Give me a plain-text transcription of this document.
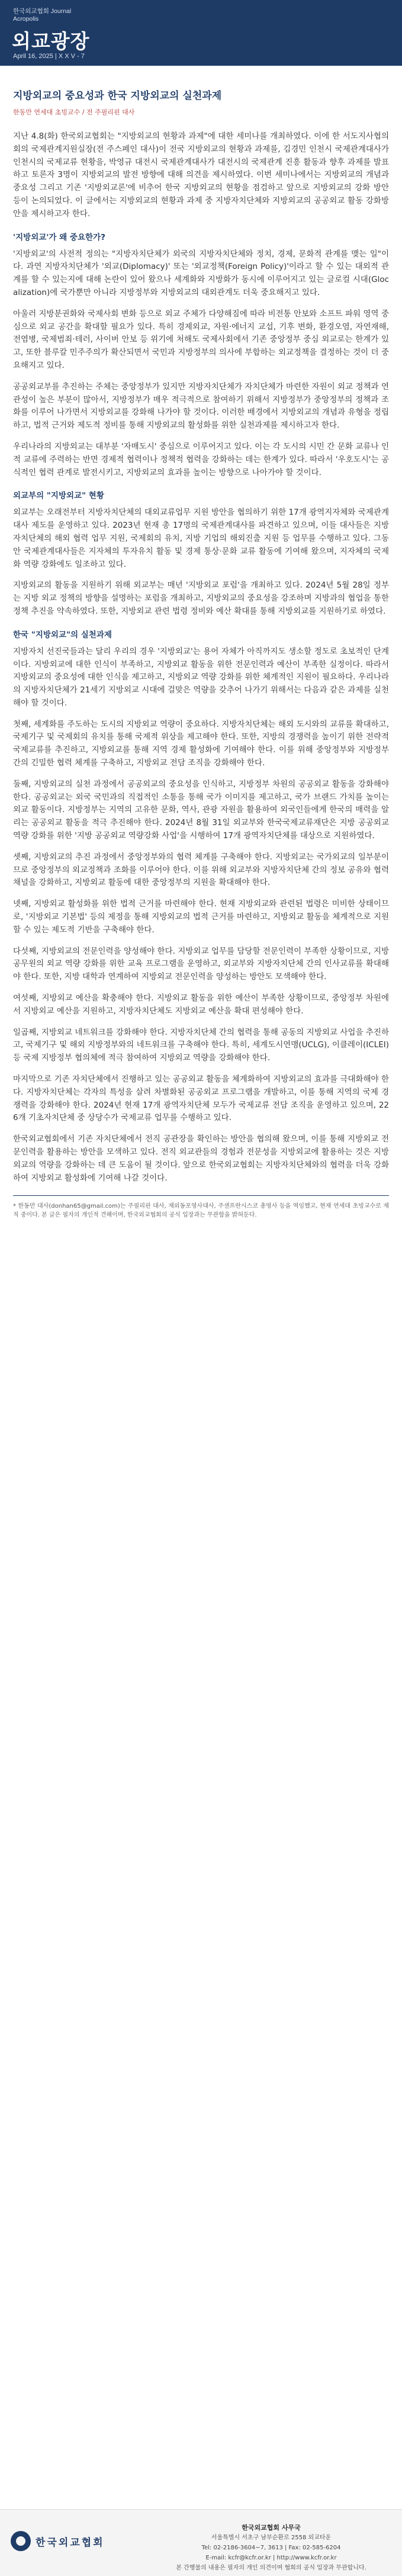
한국외교협회 Journal
Acropolis
외교광장
April 16, 2025 | X X V - 7
지방외교의 중요성과 한국 지방외교의 실천과제
한동만 연세대 초빙교수 / 전 주필리핀 대사

지난 4.8(화) 한국외교협회는 "지방외교의 현황과 과제"에 대한 세미나를 개최하였다. 이에 한 서도지사협의회의 국제관계지원실장(전 주스페인 대사)이 전국 지방외교의 현황과 과제를, 김경민 인천시 국제관계대사가 인천시의 국제교류 현황을, 박영규 대전시 국제관계대사가 대전시의 국제관계 진흥 활동과 향후 과제를 발표하고 토론자 3명이 지방외교의 발전 방향에 대해 의견을 제시하였다. 이번 세미나에서는 지방외교의 개념과 중요성 그리고 기존 '지방외교론'에 비추어 한국 지방외교의 현황을 점검하고 앞으로 지방외교의 강화 방안 등이 논의되었다. 이 글에서는 지방외교의 현황과 과제 중 지방자치단체와 지방외교의 공공외교 활동 강화방안을 제시하고자 한다.

'지방외교'가 왜 중요한가?

'지방외교'의 사전적 정의는 "지방자치단체가 외국의 지방자치단체와 정치, 경제, 문화적 관계를 맺는 일"이다. 과연 지방자치단체가 '외교(Diplomacy)' 또는 '외교정책(Foreign Policy)'이라고 할 수 있는 대외적 관계를 할 수 있는지에 대해 논란이 있어 왔으나 세계화와 지방화가 동시에 이루어지고 있는 글로컬 시대(Glocalization)에 국가뿐만 아니라 지방정부와 지방외교의 대외관계도 더욱 중요해지고 있다.

아울러 지방분권화와 국제사회 변화 등으로 외교 주체가 다양해짐에 따라 비전통 안보와 소프트 파워 영역 중심으로 외교 공간을 확대할 필요가 있다. 특히 경제외교, 자원·에너지 교섭, 기후 변화, 환경오염, 자연재해, 전염병, 국제범죄·테러, 사이버 안보 등 위기에 처해도 국제사회에서 기존 중앙정부 중심 외교로는 한계가 있고, 또한 블루칼 민주주의가 확산되면서 국민과 지방정부의 의사에 부합하는 외교정책을 결정하는 것이 더 중요해지고 있다.

공공외교부를 추진하는 주체는 중앙정부가 있지만 지방자치단체가 자치단체가 마련한 자원이 외교 정책과 연관성이 높은 부분이 많아서, 지방정부가 매우 적극적으로 참여하기 위해서 지방정부가 중앙정부의 정책과 조화를 이루어 나가면서 지방외교를 강화해 나가야 할 것이다. 이러한 배경에서 지방외교의 개념과 유형을 정립하고, 법적 근거와 제도적 정비를 통해 지방외교의 활성화를 위한 실천과제를 제시하고자 한다.

우리나라의 지방외교는 대부분 '자매도시' 중심으로 이루어지고 있다. 이는 각 도시의 시민 간 문화 교류나 인적 교류에 주력하는 반면 경제적 협력이나 정책적 협력을 강화하는 데는 한계가 있다. 따라서 '우호도시'는 공식적인 협력 관계로 발전시키고, 지방외교의 효과를 높이는 방향으로 나아가야 할 것이다.

외교부의 "지방외교" 현황

외교부는 오래전부터 지방자치단체의 대외교류업무 지원 방안을 협의하기 위한 17개 광역지자체와 국제관계대사 제도를 운영하고 있다. 2023년 현재 총 17명의 국제관계대사를 파견하고 있으며, 이들 대사들은 지방자치단체의 해외 협력 업무 지원, 국제회의 유치, 지방 기업의 해외진출 지원 등 업무를 수행하고 있다. 그동안 국제관계대사들은 지자체의 투자유치 활동 및 경제 통상·문화 교류 활동에 기여해 왔으며, 지자체의 국제화 역량 강화에도 일조하고 있다.

지방외교의 활동을 지원하기 위해 외교부는 매년 '지방외교 포럼'을 개최하고 있다. 2024년 5월 28일 정부는 지방 외교 정책의 방향을 설명하는 포럼을 개최하고, 지방외교의 중요성을 강조하며 지방과의 협업을 통한 정책 추진을 약속하였다. 또한, 지방외교 관련 법령 정비와 예산 확대를 통해 지방외교를 지원하기로 하였다.

한국 "지방외교"의 실천과제

지방자치 선진국들과는 달리 우리의 경우 '지방외교'는 용어 자체가 아직까지도 생소할 정도로 초보적인 단계이다. 지방외교에 대한 인식이 부족하고, 지방외교 활동을 위한 전문인력과 예산이 부족한 실정이다. 따라서 지방외교의 중요성에 대한 인식을 제고하고, 지방외교 역량 강화를 위한 체계적인 지원이 필요하다. 우리나라의 지방자치단체가 21세기 지방외교 시대에 걸맞은 역량을 갖추어 나가기 위해서는 다음과 같은 과제를 실천해야 할 것이다.

첫째, 세계화를 주도하는 도시의 지방외교 역량이 중요하다. 지방자치단체는 해외 도시와의 교류를 확대하고, 국제기구 및 국제회의 유치를 통해 국제적 위상을 제고해야 한다. 또한, 지방의 경쟁력을 높이기 위한 전략적 국제교류를 추진하고, 지방외교를 통해 지역 경제 활성화에 기여해야 한다. 이를 위해 중앙정부와 지방정부 간의 긴밀한 협력 체계를 구축하고, 지방외교 전담 조직을 강화해야 한다.

둘째, 지방외교의 실천 과정에서 공공외교의 중요성을 인식하고, 지방정부 차원의 공공외교 활동을 강화해야 한다. 공공외교는 외국 국민과의 직접적인 소통을 통해 국가 이미지를 제고하고, 국가 브랜드 가치를 높이는 외교 활동이다. 지방정부는 지역의 고유한 문화, 역사, 관광 자원을 활용하여 외국인들에게 한국의 매력을 알리는 공공외교 활동을 적극 추진해야 한다. 2024년 8월 31일 외교부와 한국국제교류재단은 지방 공공외교 역량 강화를 위한 '지방 공공외교 역량강화 사업'을 시행하여 17개 광역자치단체를 대상으로 지원하였다.

셋째, 지방외교의 추진 과정에서 중앙정부와의 협력 체계를 구축해야 한다. 지방외교는 국가외교의 일부분이므로 중앙정부의 외교정책과 조화를 이루어야 한다. 이를 위해 외교부와 지방자치단체 간의 정보 공유와 협력 채널을 강화하고, 지방외교 활동에 대한 중앙정부의 지원을 확대해야 한다.

넷째, 지방외교 활성화를 위한 법적 근거를 마련해야 한다. 현재 지방외교와 관련된 법령은 미비한 상태이므로, '지방외교 기본법' 등의 제정을 통해 지방외교의 법적 근거를 마련하고, 지방외교 활동을 체계적으로 지원할 수 있는 제도적 기반을 구축해야 한다.

다섯째, 지방외교의 전문인력을 양성해야 한다. 지방외교 업무를 담당할 전문인력이 부족한 상황이므로, 지방공무원의 외교 역량 강화를 위한 교육 프로그램을 운영하고, 외교부와 지방자치단체 간의 인사교류를 확대해야 한다. 또한, 지방 대학과 연계하여 지방외교 전문인력을 양성하는 방안도 모색해야 한다.

여섯째, 지방외교 예산을 확충해야 한다. 지방외교 활동을 위한 예산이 부족한 상황이므로, 중앙정부 차원에서 지방외교 예산을 지원하고, 지방자치단체도 지방외교 예산을 확대 편성해야 한다.

일곱째, 지방외교 네트워크를 강화해야 한다. 지방자치단체 간의 협력을 통해 공동의 지방외교 사업을 추진하고, 국제기구 및 해외 지방정부와의 네트워크를 구축해야 한다. 특히, 세계도시연맹(UCLG), 이클레이(ICLEI) 등 국제 지방정부 협의체에 적극 참여하여 지방외교 역량을 강화해야 한다.

마지막으로 기존 자치단체에서 진행하고 있는 공공외교 활동을 체계화하여 지방외교의 효과를 극대화해야 한다. 지방자치단체는 각자의 특성을 살려 차별화된 공공외교 프로그램을 개발하고, 이를 통해 지역의 국제 경쟁력을 강화해야 한다. 2024년 현재 17개 광역자치단체 모두가 국제교류 전담 조직을 운영하고 있으며, 226개 기초자치단체 중 상당수가 국제교류 업무를 수행하고 있다.

한국외교협회에서 기존 자치단체에서 전직 공관장을 확인하는 방안을 협의해 왔으며, 이를 통해 지방외교 전문인력을 활용하는 방안을 모색하고 있다. 전직 외교관들의 경험과 전문성을 지방외교에 활용하는 것은 지방외교의 역량을 강화하는 데 큰 도움이 될 것이다. 앞으로 한국외교협회는 지방자치단체와의 협력을 더욱 강화하여 지방외교 활성화에 기여해 나갈 것이다.

* 한동만 대사(donhan65@gmail.com)는 주필리핀 대사, 재외동포영사대사, 주샌프란시스코 총영사 등을 역임했고, 현재 연세대 초빙교수로 재직 중이다. 본 글은 필자의 개인적 견해이며, 한국외교협회의 공식 입장과는 무관함을 밝혀둔다.

한국외교협회
한국외교협회 사무국
서울특별시 서초구 남부순환로 2558 외교타운
Tel: 02-2186-3604~7, 3613 | Fax: 02-585-6204
E-mail: kcfr@kcfr.or.kr | http://www.kcfr.or.kr
본 간행물의 내용은 필자의 개인 의견이며 협회의 공식 입장과 무관합니다.
